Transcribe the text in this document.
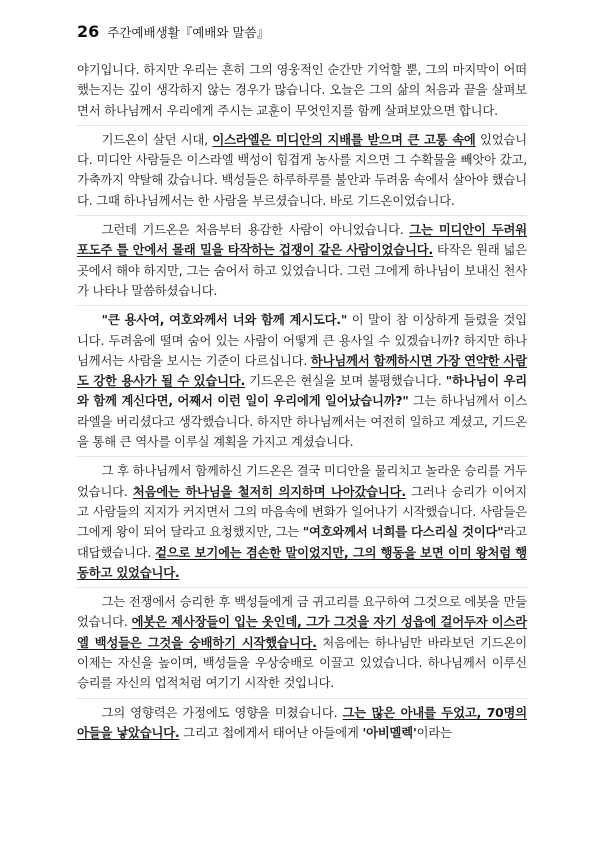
26 주간예배생활『예배와 말씀』

야기입니다. 하지만 우리는 흔히 그의 영웅적인 순간만 기억할 뿐, 그의 마지막이 어떠했는지는 깊이 생각하지 않는 경우가 많습니다. 오늘은 그의 삶의 처음과 끝을 살펴보면서 하나님께서 우리에게 주시는 교훈이 무엇인지를 함께 살펴보았으면 합니다.

기드온이 살던 시대, 이스라엘은 미디안의 지배를 받으며 큰 고통 속에 있었습니다. 미디안 사람들은 이스라엘 백성이 힘겹게 농사를 지으면 그 수확물을 빼앗아 갔고, 가축까지 약탈해 갔습니다. 백성들은 하루하루를 불안과 두려움 속에서 살아야 했습니다. 그때 하나님께서는 한 사람을 부르셨습니다. 바로 기드온이었습니다.

그런데 기드온은 처음부터 용감한 사람이 아니었습니다. 그는 미디안이 두려워 포도주 틀 안에서 몰래 밀을 타작하는 겁쟁이 같은 사람이었습니다. 타작은 원래 넓은 곳에서 해야 하지만, 그는 숨어서 하고 있었습니다. 그런 그에게 하나님이 보내신 천사가 나타나 말씀하셨습니다.

"큰 용사여, 여호와께서 너와 함께 계시도다." 이 말이 참 이상하게 들렸을 것입니다. 두려움에 떨며 숨어 있는 사람이 어떻게 큰 용사일 수 있겠습니까? 하지만 하나님께서는 사람을 보시는 기준이 다르십니다. 하나님께서 함께하시면 가장 연약한 사람도 강한 용사가 될 수 있습니다. 기드온은 현실을 보며 불평했습니다. "하나님이 우리와 함께 계신다면, 어째서 이런 일이 우리에게 일어났습니까?" 그는 하나님께서 이스라엘을 버리셨다고 생각했습니다. 하지만 하나님께서는 여전히 일하고 계셨고, 기드온을 통해 큰 역사를 이루실 계획을 가지고 계셨습니다.

그 후 하나님께서 함께하신 기드온은 결국 미디안을 물리치고 놀라운 승리를 거두었습니다. 처음에는 하나님을 철저히 의지하며 나아갔습니다. 그러나 승리가 이어지고 사람들의 지지가 커지면서 그의 마음속에 변화가 일어나기 시작했습니다. 사람들은 그에게 왕이 되어 달라고 요청했지만, 그는 "여호와께서 너희를 다스리실 것이다"라고 대답했습니다. 겉으로 보기에는 겸손한 말이었지만, 그의 행동을 보면 이미 왕처럼 행동하고 있었습니다.

그는 전쟁에서 승리한 후 백성들에게 금 귀고리를 요구하여 그것으로 에봇을 만들었습니다. 에봇은 제사장들이 입는 옷인데, 그가 그것을 자기 성읍에 걸어두자 이스라엘 백성들은 그것을 숭배하기 시작했습니다. 처음에는 하나님만 바라보던 기드온이 이제는 자신을 높이며, 백성들을 우상숭배로 이끌고 있었습니다. 하나님께서 이루신 승리를 자신의 업적처럼 여기기 시작한 것입니다.

그의 영향력은 가정에도 영향을 미쳤습니다. 그는 많은 아내를 두었고, 70명의 아들을 낳았습니다. 그리고 첩에게서 태어난 아들에게 '아비멜렉'이라는
